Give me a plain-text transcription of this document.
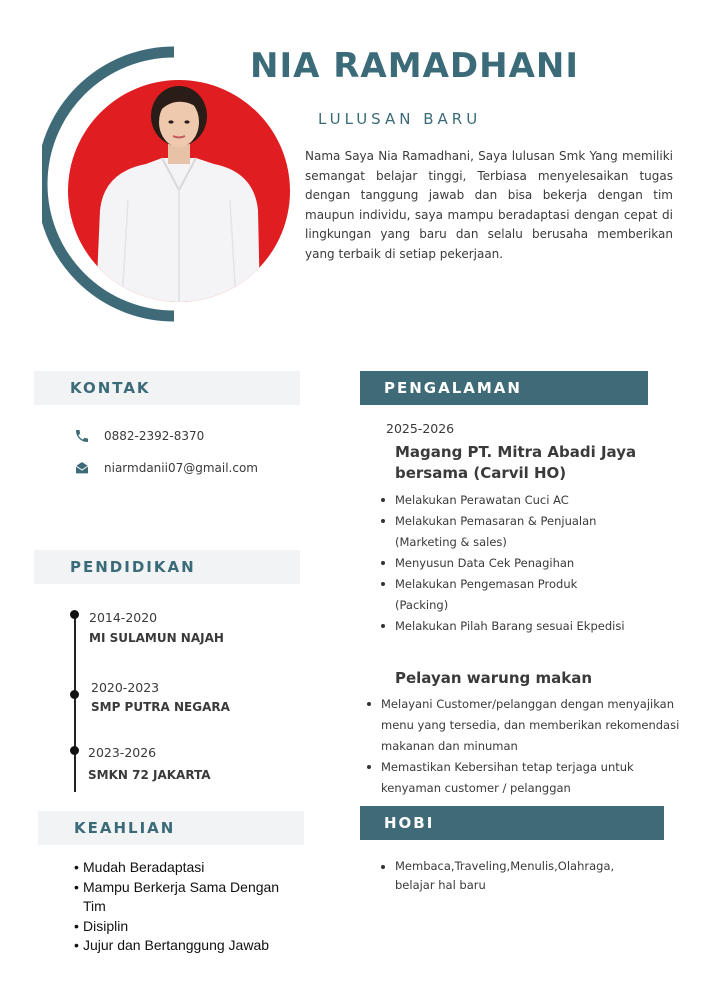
NIA RAMADHANI
LULUSAN BARU
Nama Saya Nia Ramadhani, Saya lulusan Smk Yang memiliki semangat belajar tinggi, Terbiasa menyelesaikan tugas dengan tanggung jawab dan bisa bekerja dengan tim maupun individu, saya mampu beradaptasi dengan cepat di lingkungan yang baru dan selalu berusaha memberikan yang terbaik di setiap pekerjaan.
KONTAK
0882-2392-8370
niarmdanii07@gmail.com
PENDIDIKAN
2014-2020
MI SULAMUN NAJAH
2020-2023
SMP PUTRA NEGARA
2023-2026
SMKN 72 JAKARTA
KEAHLIAN
• Mudah Beradaptasi
• Mampu Berkerja Sama Dengan Tim
• Disiplin
• Jujur dan Bertanggung Jawab
PENGALAMAN
2025-2026
Magang PT. Mitra Abadi Jaya bersama (Carvil HO)
Melakukan Perawatan Cuci AC
Melakukan Pemasaran & Penjualan (Marketing & sales)
Menyusun Data Cek Penagihan
Melakukan Pengemasan Produk (Packing)
Melakukan Pilah Barang sesuai Ekpedisi
Pelayan warung makan
Melayani Customer/pelanggan dengan menyajikan menu yang tersedia, dan memberikan rekomendasi makanan dan minuman
Memastikan Kebersihan tetap terjaga untuk kenyaman customer / pelanggan
HOBI
Membaca,Traveling,Menulis,Olahraga, belajar hal baru
